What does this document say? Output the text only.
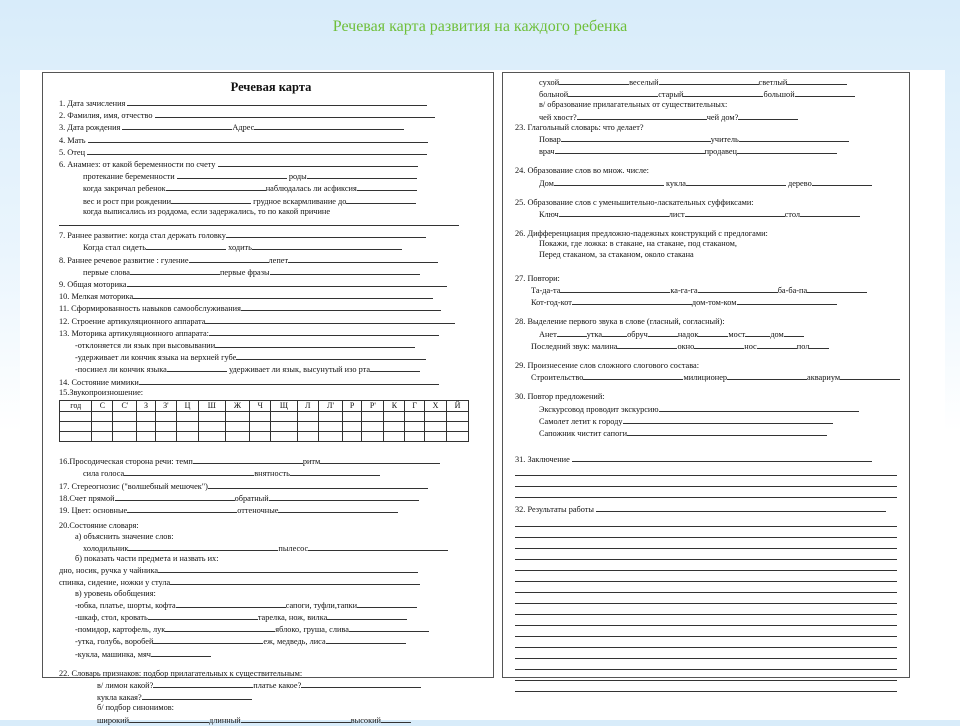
Речевая карта развития на каждого ребенка
Речевая карта
1. Дата зачисления
2. Фамилия, имя, отчество
3. Дата рождения	Адрес
4. Мать
5. Отец
6. Анамнез: от какой беременности по счету
протекание беременности	роды
когда закричал ребенок	наблюдалась ли асфиксия
вес и рост при рождении	грудное вскармливание до
когда выписались из роддома, если задержались, то по какой причине
7. Раннее развитие: когда стал держать головку
Когда стал сидеть	ходить
8. Раннее речевое развитие : гуление	лепет
первые слова	первые фразы
9. Общая моторика
10. Мелкая моторика
11. Сформированность навыков самообслуживания
12. Строение артикуляционного аппарата
13. Моторика артикуляционного аппарата:
-отклоняется ли язык при высовывании
-удерживает ли кончик языка на верхней губе
-посинел ли кончик языка	удерживает ли язык, высунутый изо рта
14. Состояние мимики
15.Звукопроизношение:
год	С	С'	З	З'	Ц	Ш	Ж	Ч	Щ	Л	Л'	Р	Р'	К	Г	Х	Й

16.Просодическая сторона речи: темп	ритм
сила голоса	внятность
17. Стереогнозис ("волшебный мешочек")
18.Счет прямой	обратный
19. Цвет: основные	оттеночные
20.Состояние словаря:
а) объяснить значение слов:
холодильник	пылесос
б) показать части предмета и назвать их:
дно, носик, ручка у чайника
спинка, сидение, ножки у стула
в) уровень обобщения:
-юбка, платье, шорты, кофта	сапоги, туфли,тапки
-шкаф, стол, кровать	тарелка, нож, вилка
-помидор, картофель, лук	яблоко, груша, слива
-утка, голубь, воробей	еж, медведь, лиса
-кукла, машинка, мяч
22. Словарь признаков: подбор прилагательных к существительным:
в/ лимон какой?	платье какое?
кукла какая?
б/ подбор синонимов:
широкий	длинный	высокий
сухой	веселый	светлый
больной	старый	большой
в/ образование прилагательных от существительных:
чей хвост?	чей дом?
23. Глагольный словарь: что делает?
Повар	учитель
врач	продавец
24. Образование слов во множ. числе:
Дом	кукла	дерево
25. Образование слов с уменьшительно-ласкательных суффиксами:
Ключ	лист	стол
26. Дифференциация предложно-падежных конструкций с предлогами:
Покажи, где ложка: в стакане, на стакане, под стаканом,
Перед стаканом, за стаканом, около стакана
27. Повтори:
Та-да-та	ка-га-га	ба-ба-па
Кот-год-кот	дом-том-ком
28. Выделение первого звука в слове (гласный, согласный):
Анет	утка	обруч	надок	мост	дом
Последний звук: малина	окно	нос	пол
29. Произнесение слов сложного слогового состава:
Строительство	милиционер	аквариум
30. Повтор предложений:
Экскурсовод проводит экскурсию
Самолет летит к городу
Сапожник чистит сапоги
31. Заключение
32. Результаты работы
